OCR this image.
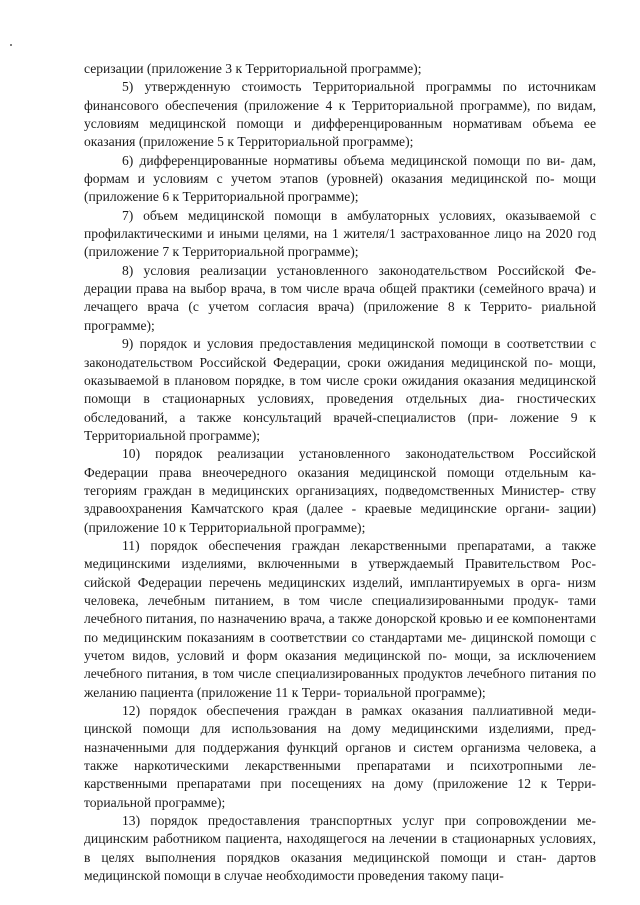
серизации (приложение 3 к Территориальной программе);

5) утвержденную стоимость Территориальной программы по источникам финансового обеспечения (приложение 4 к Территориальной программе), по видам, условиям медицинской помощи и дифференцированным нормативам объема ее оказания (приложение 5 к Территориальной программе);

6) дифференцированные нормативы объема медицинской помощи по ви- дам, формам и условиям с учетом этапов (уровней) оказания медицинской по- мощи (приложение 6 к Территориальной программе);

7) объем медицинской помощи в амбулаторных условиях, оказываемой с профилактическими и иными целями, на 1 жителя/1 застрахованное лицо на 2020 год (приложение 7 к Территориальной программе);

8) условия реализации установленного законодательством Российской Фе- дерации права на выбор врача, в том числе врача общей практики (семейного врача) и лечащего врача (с учетом согласия врача) (приложение 8 к Террито- риальной программе);

9) порядок и условия предоставления медицинской помощи в соответствии с законодательством Российской Федерации, сроки ожидания медицинской по- мощи, оказываемой в плановом порядке, в том числе сроки ожидания оказания медицинской помощи в стационарных условиях, проведения отдельных диа- гностических обследований, а также консультаций врачей-специалистов (при- ложение 9 к Территориальной программе);

10) порядок реализации установленного законодательством Российской Федерации права внеочередного оказания медицинской помощи отдельным ка- тегориям граждан в медицинских организациях, подведомственных Министер- ству здравоохранения Камчатского края (далее - краевые медицинские органи- зации) (приложение 10 к Территориальной программе);

11) порядок обеспечения граждан лекарственными препаратами, а также медицинскими изделиями, включенными в утверждаемый Правительством Рос- сийской Федерации перечень медицинских изделий, имплантируемых в орга- низм человека, лечебным питанием, в том числе специализированными продук- тами лечебного питания, по назначению врача, а также донорской кровью и ее компонентами по медицинским показаниям в соответствии со стандартами ме- дицинской помощи с учетом видов, условий и форм оказания медицинской по- мощи, за исключением лечебного питания, в том числе специализированных продуктов лечебного питания по желанию пациента (приложение 11 к Терри- ториальной программе);

12) порядок обеспечения граждан в рамках оказания паллиативной меди- цинской помощи для использования на дому медицинскими изделиями, пред- назначенными для поддержания функций органов и систем организма человека, а также наркотическими лекарственными препаратами и психотропными ле- карственными препаратами при посещениях на дому (приложение 12 к Терри- ториальной программе);

13) порядок предоставления транспортных услуг при сопровождении ме- дицинским работником пациента, находящегося на лечении в стационарных условиях, в целях выполнения порядков оказания медицинской помощи и стан- дартов медицинской помощи в случае необходимости проведения такому паци-
